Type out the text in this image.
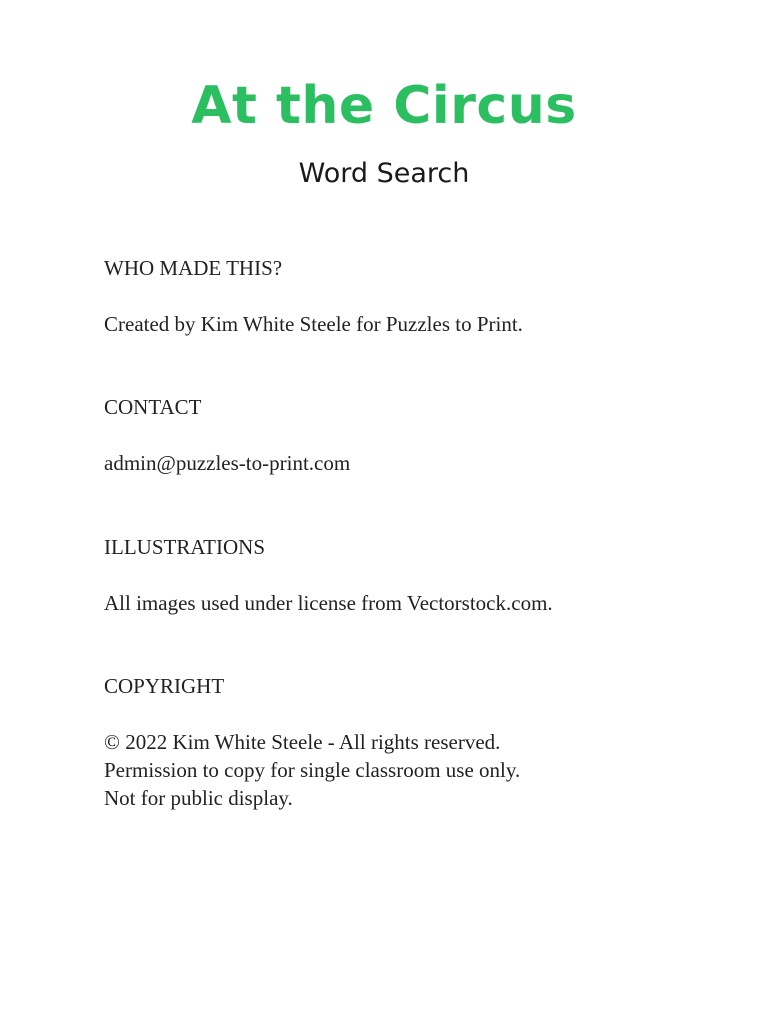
At the Circus
Word Search
WHO MADE THIS?
Created by Kim White Steele for Puzzles to Print.
CONTACT
admin@puzzles-to-print.com
ILLUSTRATIONS
All images used under license from Vectorstock.com.
COPYRIGHT
© 2022 Kim White Steele - All rights reserved.
Permission to copy for single classroom use only.
Not for public display.
